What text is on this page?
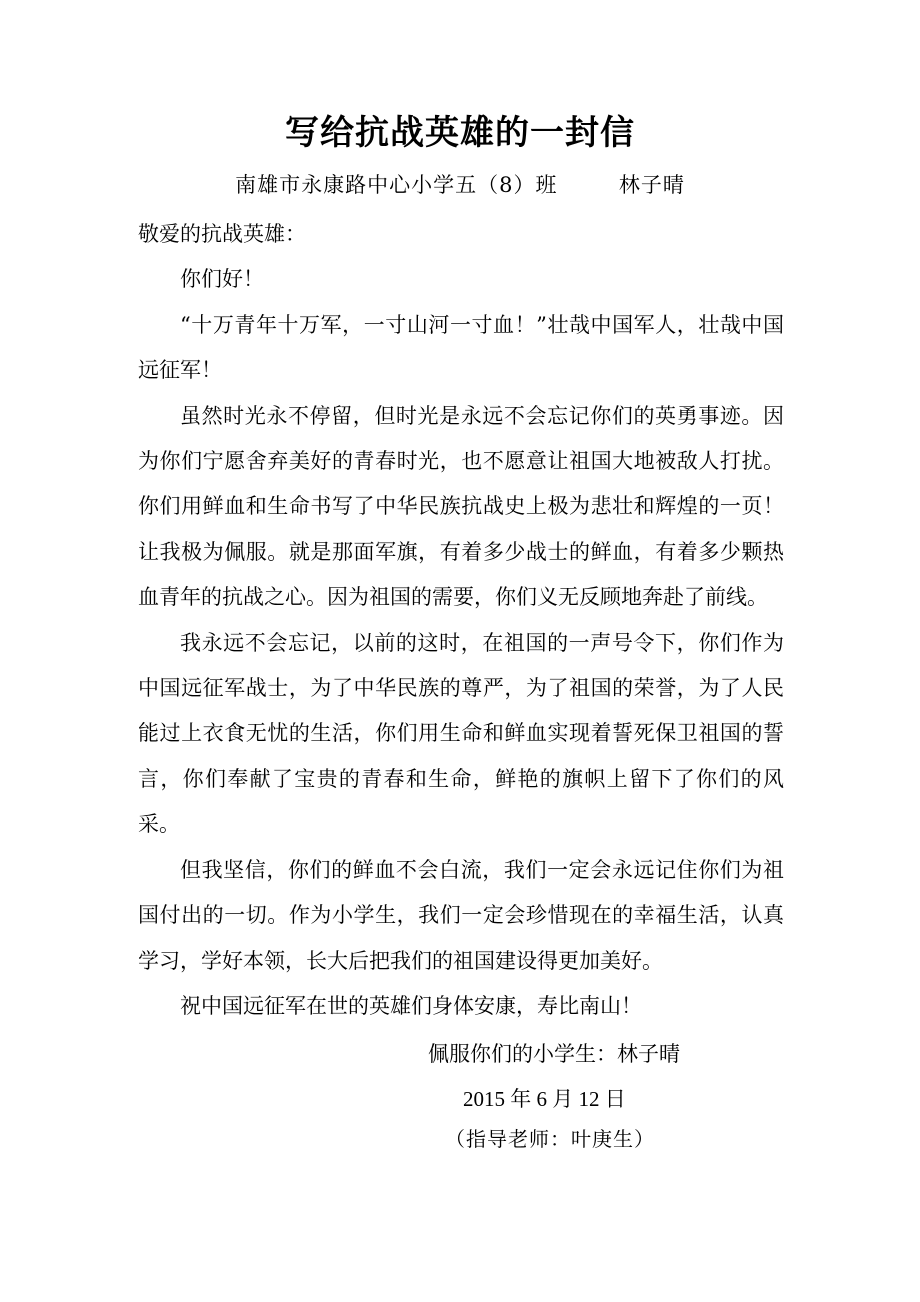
写给抗战英雄的一封信
南雄市永康路中心小学五（8）班        林子晴

敬爱的抗战英雄：

你们好！

“十万青年十万军，一寸山河一寸血！”壮哉中国军人，壮哉中国远征军！

虽然时光永不停留，但时光是永远不会忘记你们的英勇事迹。因为你们宁愿舍弃美好的青春时光，也不愿意让祖国大地被敌人打扰。你们用鲜血和生命书写了中华民族抗战史上极为悲壮和辉煌的一页！让我极为佩服。就是那面军旗，有着多少战士的鲜血，有着多少颗热血青年的抗战之心。因为祖国的需要，你们义无反顾地奔赴了前线。

我永远不会忘记，以前的这时，在祖国的一声号令下，你们作为中国远征军战士，为了中华民族的尊严，为了祖国的荣誉，为了人民能过上衣食无忧的生活，你们用生命和鲜血实现着誓死保卫祖国的誓言，你们奉献了宝贵的青春和生命，鲜艳的旗帜上留下了你们的风采。

但我坚信，你们的鲜血不会白流，我们一定会永远记住你们为祖国付出的一切。作为小学生，我们一定会珍惜现在的幸福生活，认真学习，学好本领，长大后把我们的祖国建设得更加美好。

祝中国远征军在世的英雄们身体安康，寿比南山！

佩服你们的小学生：林子晴
2015 年 6 月 12 日
（指导老师：叶庚生）
